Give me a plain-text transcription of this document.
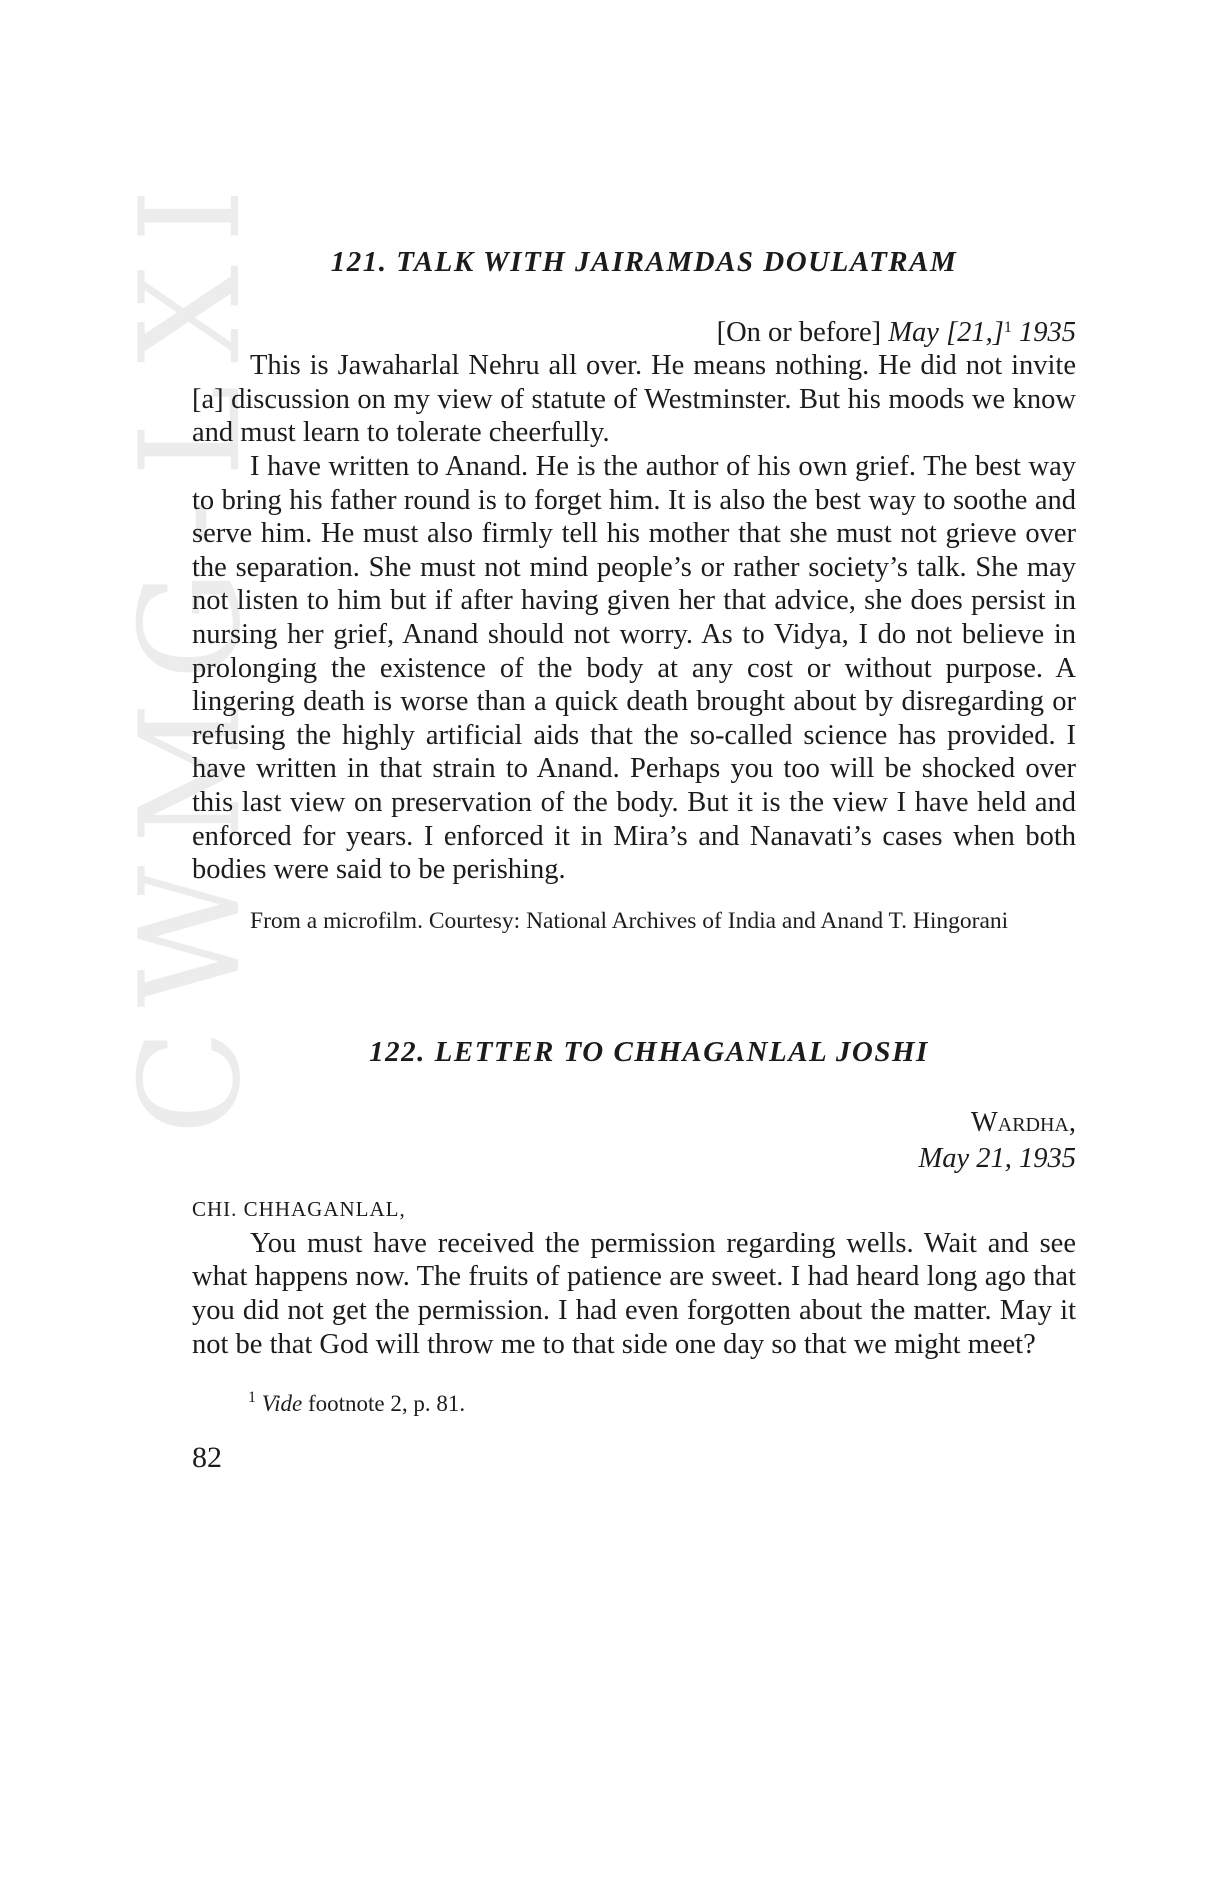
CWMG-LXI	121. TALK WITH JAIRAMDAS DOULATRAM
[On or before] May $[21,]^1$ 1935

This is Jawaharlal Nehru all over. He means nothing. He did not invite [a] discussion on my view of statute of Westminster. But his moods we know and must learn to tolerate cheerfully.

I have written to Anand. He is the author of his own grief. The best way to bring his father round is to forget him. It is also the best way to soothe and serve him. He must also firmly tell his mother that she must not grieve over the separation. She must not mind people’s or rather society’s talk. She may not listen to him but if after having given her that advice, she does persist in nursing her grief, Anand should not worry. As to Vidya, I do not believe in prolonging the existence of the body at any cost or without purpose. A lingering death is worse than a quick death brought about by disregarding or refusing the highly artificial aids that the so-called science has provided. I have written in that strain to Anand. Perhaps you too will be shocked over this last view on preservation of the body. But it is the view I have held and enforced for years. I enforced it in Mira’s and Nanavati’s cases when both bodies were said to be perishing.

From a microfilm. Courtesy: National Archives of India and Anand T. Hingorani
122. LETTER TO CHHAGANLAL JOSHI
Wardha,
May 21, 1935
CHI. CHHAGANLAL,

You must have received the permission regarding wells. Wait and see what happens now. The fruits of patience are sweet. I had heard long ago that you did not get the permission. I had even forgotten about the matter. May it not be that God will throw me to that side one day so that we might meet?

$^1$ Vide footnote 2, p. 81.
82
